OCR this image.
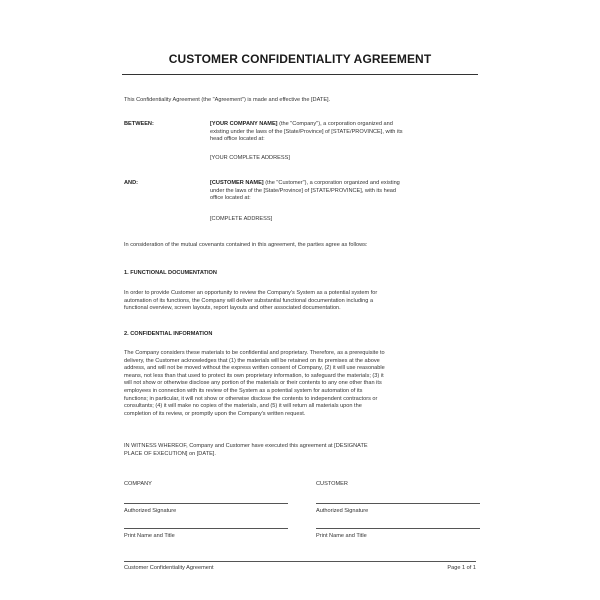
CUSTOMER CONFIDENTIALITY AGREEMENT
This Confidentiality Agreement (the "Agreement") is made and effective the [DATE].
BETWEEN:	[YOUR COMPANY NAME] (the "Company"), a corporation organized and
existing under the laws of the [State/Province] of [STATE/PROVINCE], with its
head office located at:
[YOUR COMPLETE ADDRESS]
AND:	[CUSTOMER NAME] (the "Customer"), a corporation organized and existing
under the laws of the [State/Province] of [STATE/PROVINCE], with its head
office located at:
[COMPLETE ADDRESS]
In consideration of the mutual covenants contained in this agreement, the parties agree as follows:
1. FUNCTIONAL DOCUMENTATION
In order to provide Customer an opportunity to review the Company's System as a potential system for
automation of its functions, the Company will deliver substantial functional documentation including a
functional overview, screen layouts, report layouts and other associated documentation.
2. CONFIDENTIAL INFORMATION
The Company considers these materials to be confidential and proprietary. Therefore, as a prerequisite to
delivery, the Customer acknowledges that (1) the materials will be retained on its premises at the above
address, and will not be moved without the express written consent of Company, (2) it will use reasonable
means, not less than that used to protect its own proprietary information, to safeguard the materials; (3) it
will not show or otherwise disclose any portion of the materials or their contents to any one other than its
employees in connection with its review of the System as a potential system for automation of its
functions; in particular, it will not show or otherwise disclose the contents to independent contractors or
consultants; (4) it will make no copies of the materials, and (5) it will return all materials upon the
completion of its review, or promptly upon the Company's written request.
IN WITNESS WHEREOF, Company and Customer have executed this agreement at [DESIGNATE
PLACE OF EXECUTION] on [DATE].
COMPANY	CUSTOMER
Authorized Signature	Authorized Signature
Print Name and Title	Print Name and Title
Customer Confidentiality Agreement	Page 1 of 1
